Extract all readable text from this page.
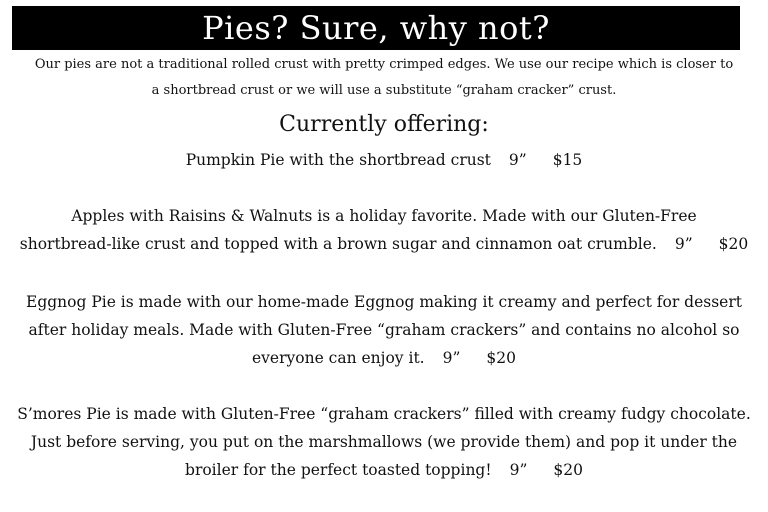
Pies? Sure, why not?
Our pies are not a traditional rolled crust with pretty crimped edges. We use our recipe which is closer to
a shortbread crust or we will use a substitute “graham cracker” crust.
Currently offering:
Pumpkin Pie with the shortbread crust 9” $15
Apples with Raisins & Walnuts is a holiday favorite. Made with our Gluten-Free
shortbread-like crust and topped with a brown sugar and cinnamon oat crumble. 9” $20
Eggnog Pie is made with our home-made Eggnog making it creamy and perfect for dessert
after holiday meals. Made with Gluten-Free “graham crackers” and contains no alcohol so
everyone can enjoy it. 9” $20
S’mores Pie is made with Gluten-Free “graham crackers” filled with creamy fudgy chocolate.
Just before serving, you put on the marshmallows (we provide them) and pop it under the
broiler for the perfect toasted topping! 9” $20
